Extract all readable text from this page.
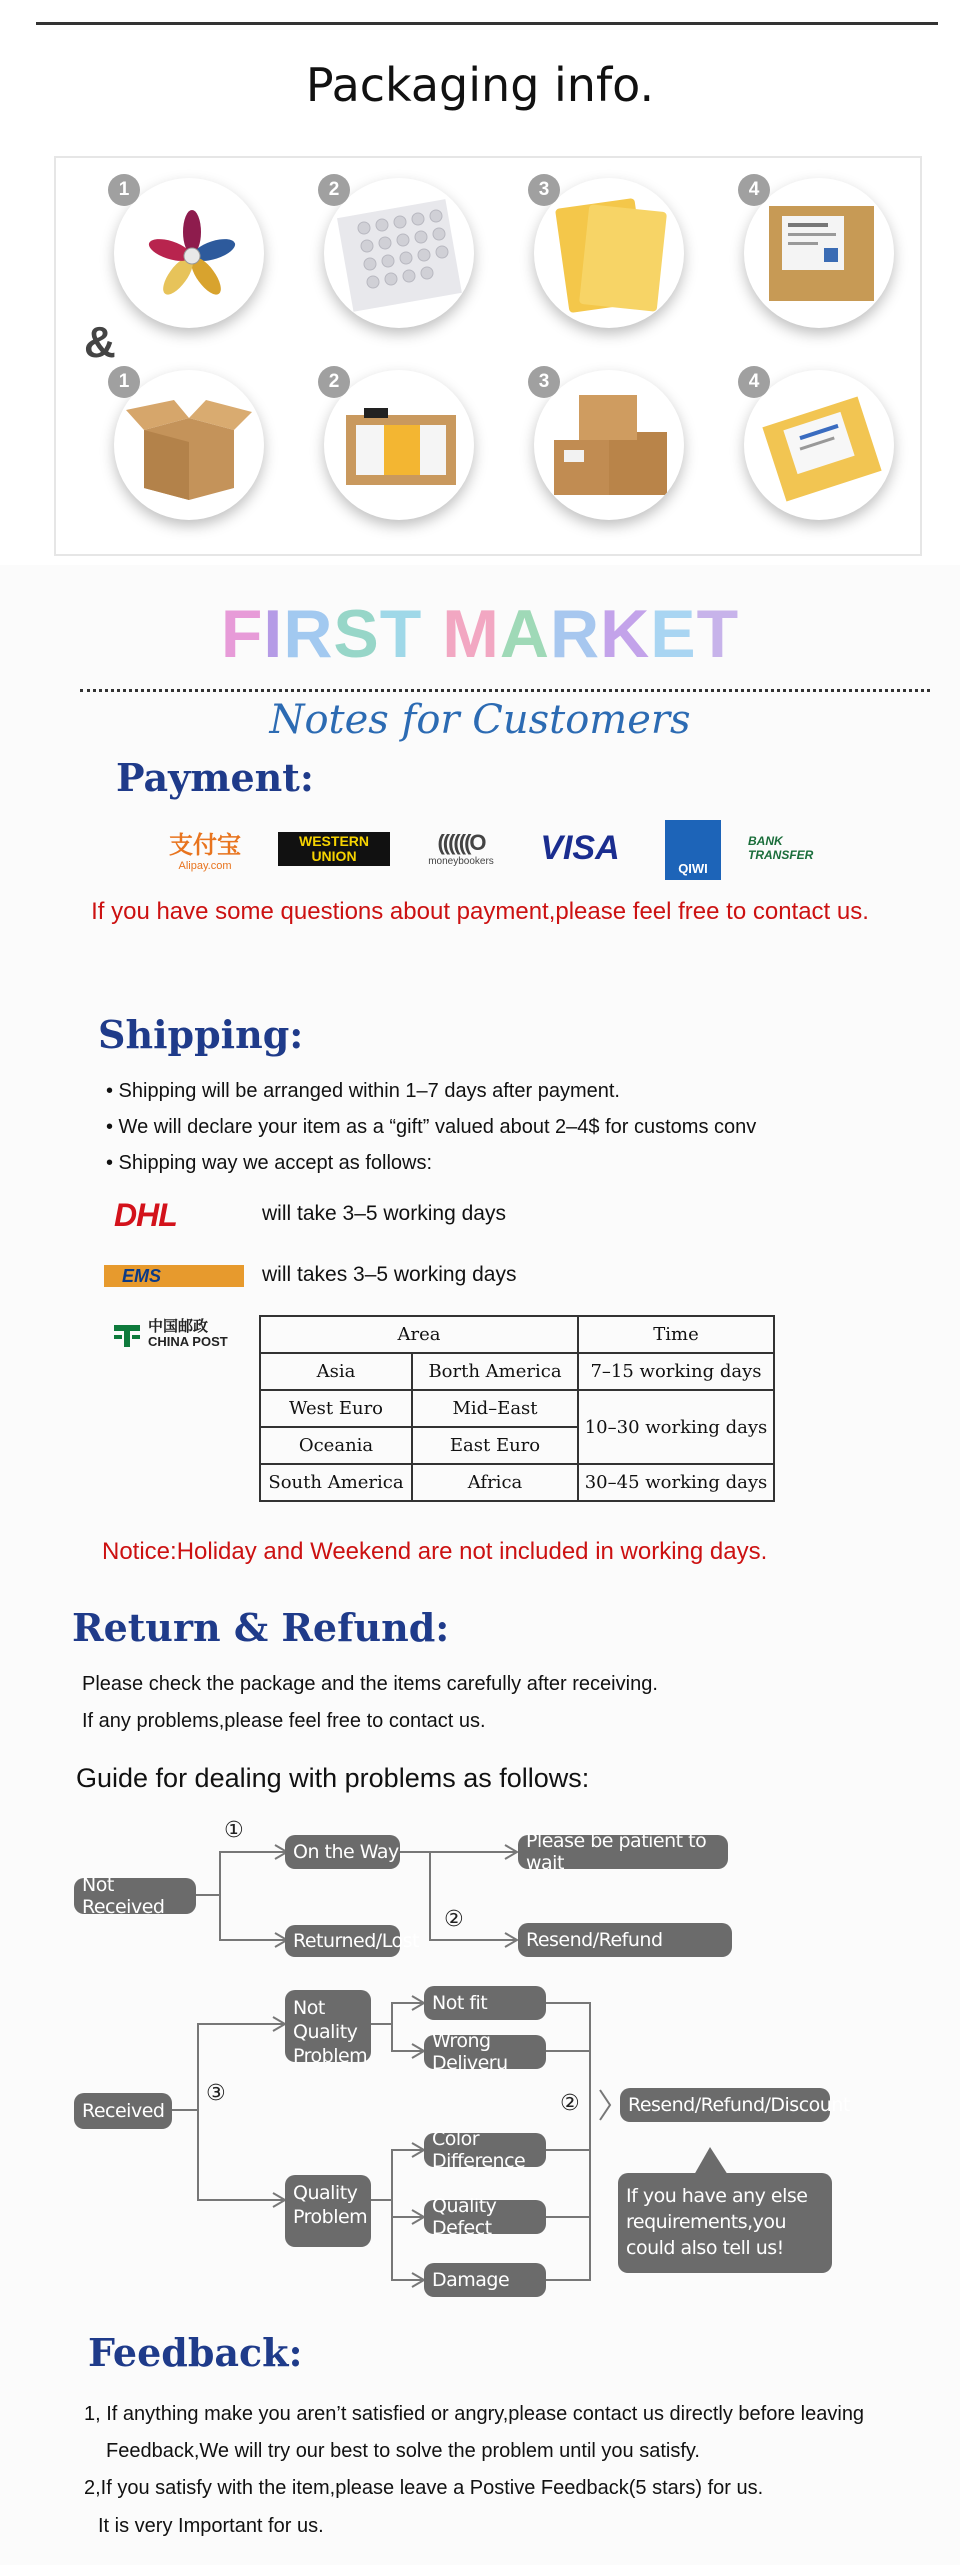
Packaging info.
1	2	3	4
&
1	2	3	4
FIRST MARKET
Notes for Customers
Payment:
支付宝
Alipay.com
WESTERN UNION
((((((O
moneybookers	VISA
QIWI
BANK TRANSFER
If you have some questions about payment,please feel free to contact us.
Shipping:
• Shipping will be arranged within 1–7 days after payment.
• We will declare your item as a “gift” valued about 2–4$ for customs conv
• Shipping way we accept as follows:
DHL	will take 3–5 working days
EMS	will takes 3–5 working days
中国邮政
CHINA POST	Area		Time
Asia	Borth America	7–15 working days
West Euro	Mid–East	10–30 working days
Oceania	East Euro	
South America	Africa	30–45 working days
Notice:Holiday and Weekend are not included in working days.
Return & Refund:
Please check the package and the items carefully after receiving.
If any problems,please feel free to contact us.
Guide for dealing with problems as follows:
Not Received
①
On the Way	Please be patient to wait
Returned/Lost
②
Resend/Refund
Received
③
Not Quality Problem
Not fit
Wrong Deliveru
Quality Problem
Color Difference
Quality Defect
Damage
②	Resend/Refund/Discount
If you have any else requirements,you could also tell us!
Feedback:
1, If anything make you aren’t satisfied or angry,please contact us directly before leaving
Feedback,We will try our best to solve the problem until you satisfy.
2,If you satisfy with the item,please leave a Postive Feedback(5 stars) for us.
It is very Important for us.
